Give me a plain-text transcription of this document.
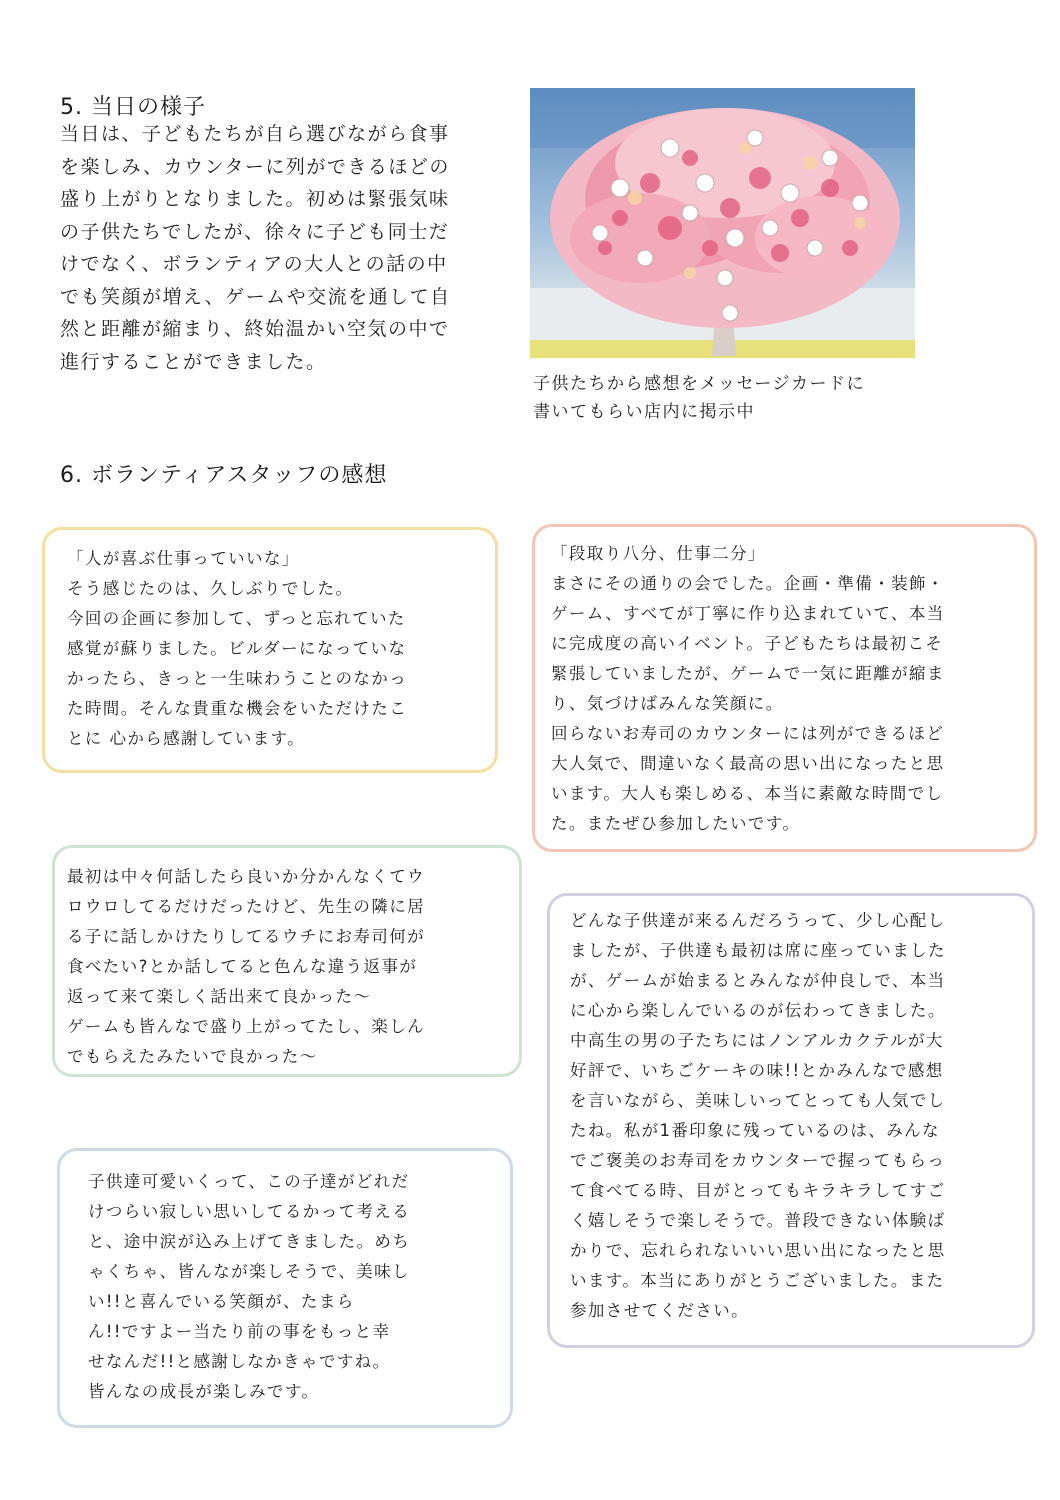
5. 当日の様子
当日は、子どもたちが自ら選びながら食事
を楽しみ、カウンターに列ができるほどの
盛り上がりとなりました。初めは緊張気味
の子供たちでしたが、徐々に子ども同士だ
けでなく、ボランティアの大人との話の中
でも笑顔が増え、ゲームや交流を通して自
然と距離が縮まり、終始温かい空気の中で
進行することができました。
子供たちから感想をメッセージカードに
書いてもらい店内に掲示中
6. ボランティアスタッフの感想

「人が喜ぶ仕事っていいな」

そう感じたのは、久しぶりでした。

今回の企画に参加して、ずっと忘れていた

感覚が蘇りました。ビルダーになっていな

かったら、きっと一生味わうことのなかっ

た時間。そんな貴重な機会をいただけたこ

とに 心から感謝しています。

「段取り八分、仕事二分」

まさにその通りの会でした。企画・準備・装飾・

ゲーム、すべてが丁寧に作り込まれていて、本当

に完成度の高いイベント。子どもたちは最初こそ

緊張していましたが、ゲームで一気に距離が縮ま

り、気づけばみんな笑顔に。

回らないお寿司のカウンターには列ができるほど

大人気で、間違いなく最高の思い出になったと思

います。大人も楽しめる、本当に素敵な時間でし

た。またぜひ参加したいです。

最初は中々何話したら良いか分かんなくてウ

ロウロしてるだけだったけど、先生の隣に居

る子に話しかけたりしてるウチにお寿司何が

食べたい?とか話してると色んな違う返事が

返って来て楽しく話出来て良かった〜

ゲームも皆んなで盛り上がってたし、楽しん

でもらえたみたいで良かった〜

どんな子供達が来るんだろうって、少し心配し

ましたが、子供達も最初は席に座っていました

が、ゲームが始まるとみんなが仲良しで、本当

に心から楽しんでいるのが伝わってきました。

中高生の男の子たちにはノンアルカクテルが大

好評で、いちごケーキの味!!とかみんなで感想

を言いながら、美味しいってとっても人気でし

たね。私が1番印象に残っているのは、みんな

でご褒美のお寿司をカウンターで握ってもらっ

て食べてる時、目がとってもキラキラしてすご

く嬉しそうで楽しそうで。普段できない体験ば

かりで、忘れられないいい思い出になったと思

います。本当にありがとうございました。また

参加させてください。

子供達可愛いくって、この子達がどれだ

けつらい寂しい思いしてるかって考える

と、途中涙が込み上げてきました。めち

ゃくちゃ、皆んなが楽しそうで、美味し

い!!と喜んでいる笑顔が、たまら

ん!!ですよー当たり前の事をもっと幸

せなんだ!!と感謝しなかきゃですね。

皆んなの成長が楽しみです。
